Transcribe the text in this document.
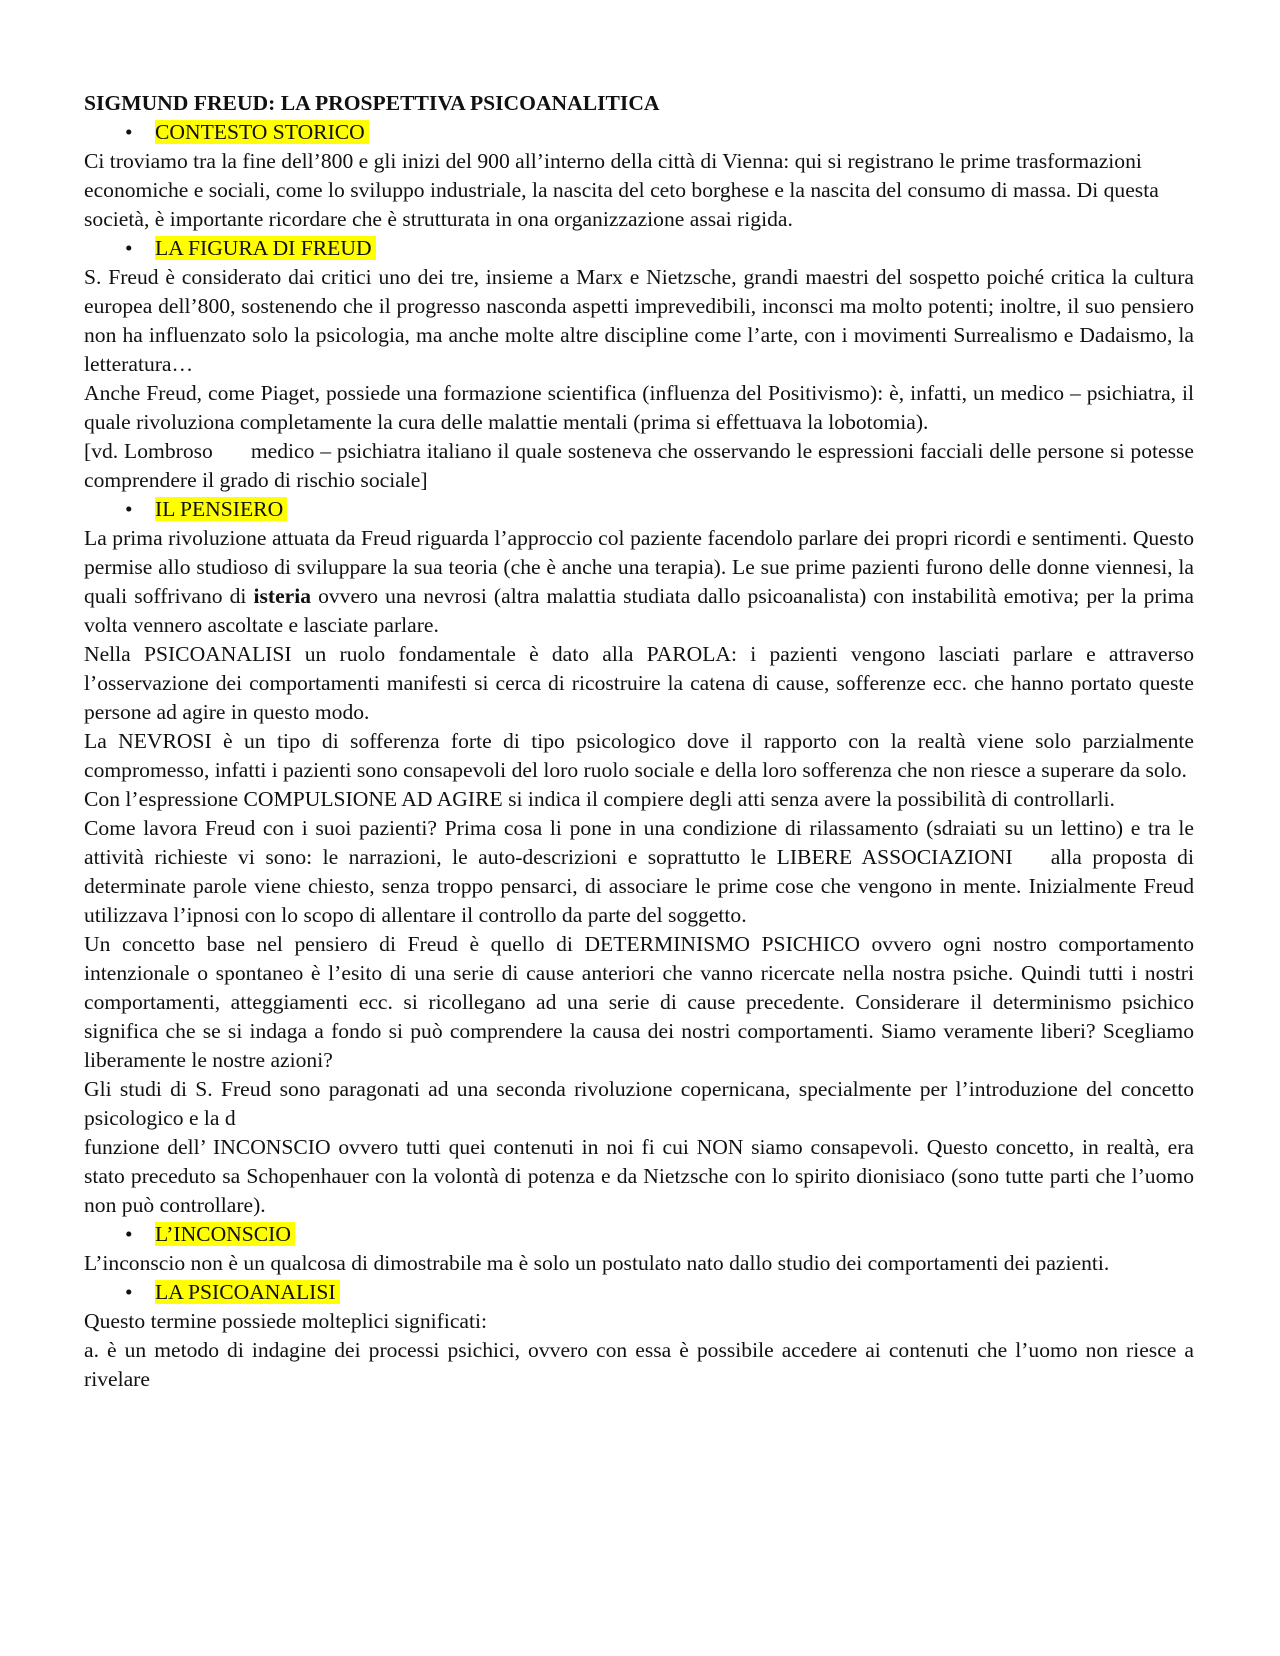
SIGMUND FREUD: LA PROSPETTIVA PSICOANALITICA

• CONTESTO STORICO

Ci troviamo tra la fine dell’800 e gli inizi del 900 all’interno della città di Vienna: qui si registrano le prime trasformazioni economiche e sociali, come lo sviluppo industriale, la nascita del ceto borghese e la nascita del consumo di massa. Di questa società, è importante ricordare che è strutturata in ona organizzazione assai rigida.

• LA FIGURA DI FREUD

S. Freud è considerato dai critici uno dei tre, insieme a Marx e Nietzsche, grandi maestri del sospetto poiché critica la cultura europea dell’800, sostenendo che il progresso nasconda aspetti imprevedibili, inconsci ma molto potenti; inoltre, il suo pensiero non ha influenzato solo la psicologia, ma anche molte altre discipline come l’arte, con i movimenti Surrealismo e Dadaismo, la letteratura…

Anche Freud, come Piaget, possiede una formazione scientifica (influenza del Positivismo): è, infatti, un medico – psichiatra, il quale rivoluziona completamente la cura delle malattie mentali (prima si effettuava la lobotomia).

[vd. Lombroso medico – psichiatra italiano il quale sosteneva che osservando le espressioni facciali delle persone si potesse comprendere il grado di rischio sociale]

• IL PENSIERO

La prima rivoluzione attuata da Freud riguarda l’approccio col paziente facendolo parlare dei propri ricordi e sentimenti. Questo permise allo studioso di sviluppare la sua teoria (che è anche una terapia). Le sue prime pazienti furono delle donne viennesi, la quali soffrivano di isteria ovvero una nevrosi (altra malattia studiata dallo psicoanalista) con instabilità emotiva; per la prima volta vennero ascoltate e lasciate parlare.

Nella PSICOANALISI un ruolo fondamentale è dato alla PAROLA: i pazienti vengono lasciati parlare e attraverso l’osservazione dei comportamenti manifesti si cerca di ricostruire la catena di cause, sofferenze ecc. che hanno portato queste persone ad agire in questo modo.

La NEVROSI è un tipo di sofferenza forte di tipo psicologico dove il rapporto con la realtà viene solo parzialmente compromesso, infatti i pazienti sono consapevoli del loro ruolo sociale e della loro sofferenza che non riesce a superare da solo.

Con l’espressione COMPULSIONE AD AGIRE si indica il compiere degli atti senza avere la possibilità di controllarli.

Come lavora Freud con i suoi pazienti? Prima cosa li pone in una condizione di rilassamento (sdraiati su un lettino) e tra le attività richieste vi sono: le narrazioni, le auto-descrizioni e soprattutto le LIBERE ASSOCIAZIONI alla proposta di determinate parole viene chiesto, senza troppo pensarci, di associare le prime cose che vengono in mente. Inizialmente Freud utilizzava l’ipnosi con lo scopo di allentare il controllo da parte del soggetto.

Un concetto base nel pensiero di Freud è quello di DETERMINISMO PSICHICO ovvero ogni nostro comportamento intenzionale o spontaneo è l’esito di una serie di cause anteriori che vanno ricercate nella nostra psiche. Quindi tutti i nostri comportamenti, atteggiamenti ecc. si ricollegano ad una serie di cause precedente. Considerare il determinismo psichico significa che se si indaga a fondo si può comprendere la causa dei nostri comportamenti. Siamo veramente liberi? Scegliamo liberamente le nostre azioni?

Gli studi di S. Freud sono paragonati ad una seconda rivoluzione copernicana, specialmente per l’introduzione del concetto psicologico e la d

funzione dell’ INCONSCIO ovvero tutti quei contenuti in noi fi cui NON siamo consapevoli. Questo concetto, in realtà, era stato preceduto sa Schopenhauer con la volontà di potenza e da Nietzsche con lo spirito dionisiaco (sono tutte parti che l’uomo non può controllare).

• L’INCONSCIO

L’inconscio non è un qualcosa di dimostrabile ma è solo un postulato nato dallo studio dei comportamenti dei pazienti.

• LA PSICOANALISI

Questo termine possiede molteplici significati:

a. è un metodo di indagine dei processi psichici, ovvero con essa è possibile accedere ai contenuti che l’uomo non riesce a rivelare
